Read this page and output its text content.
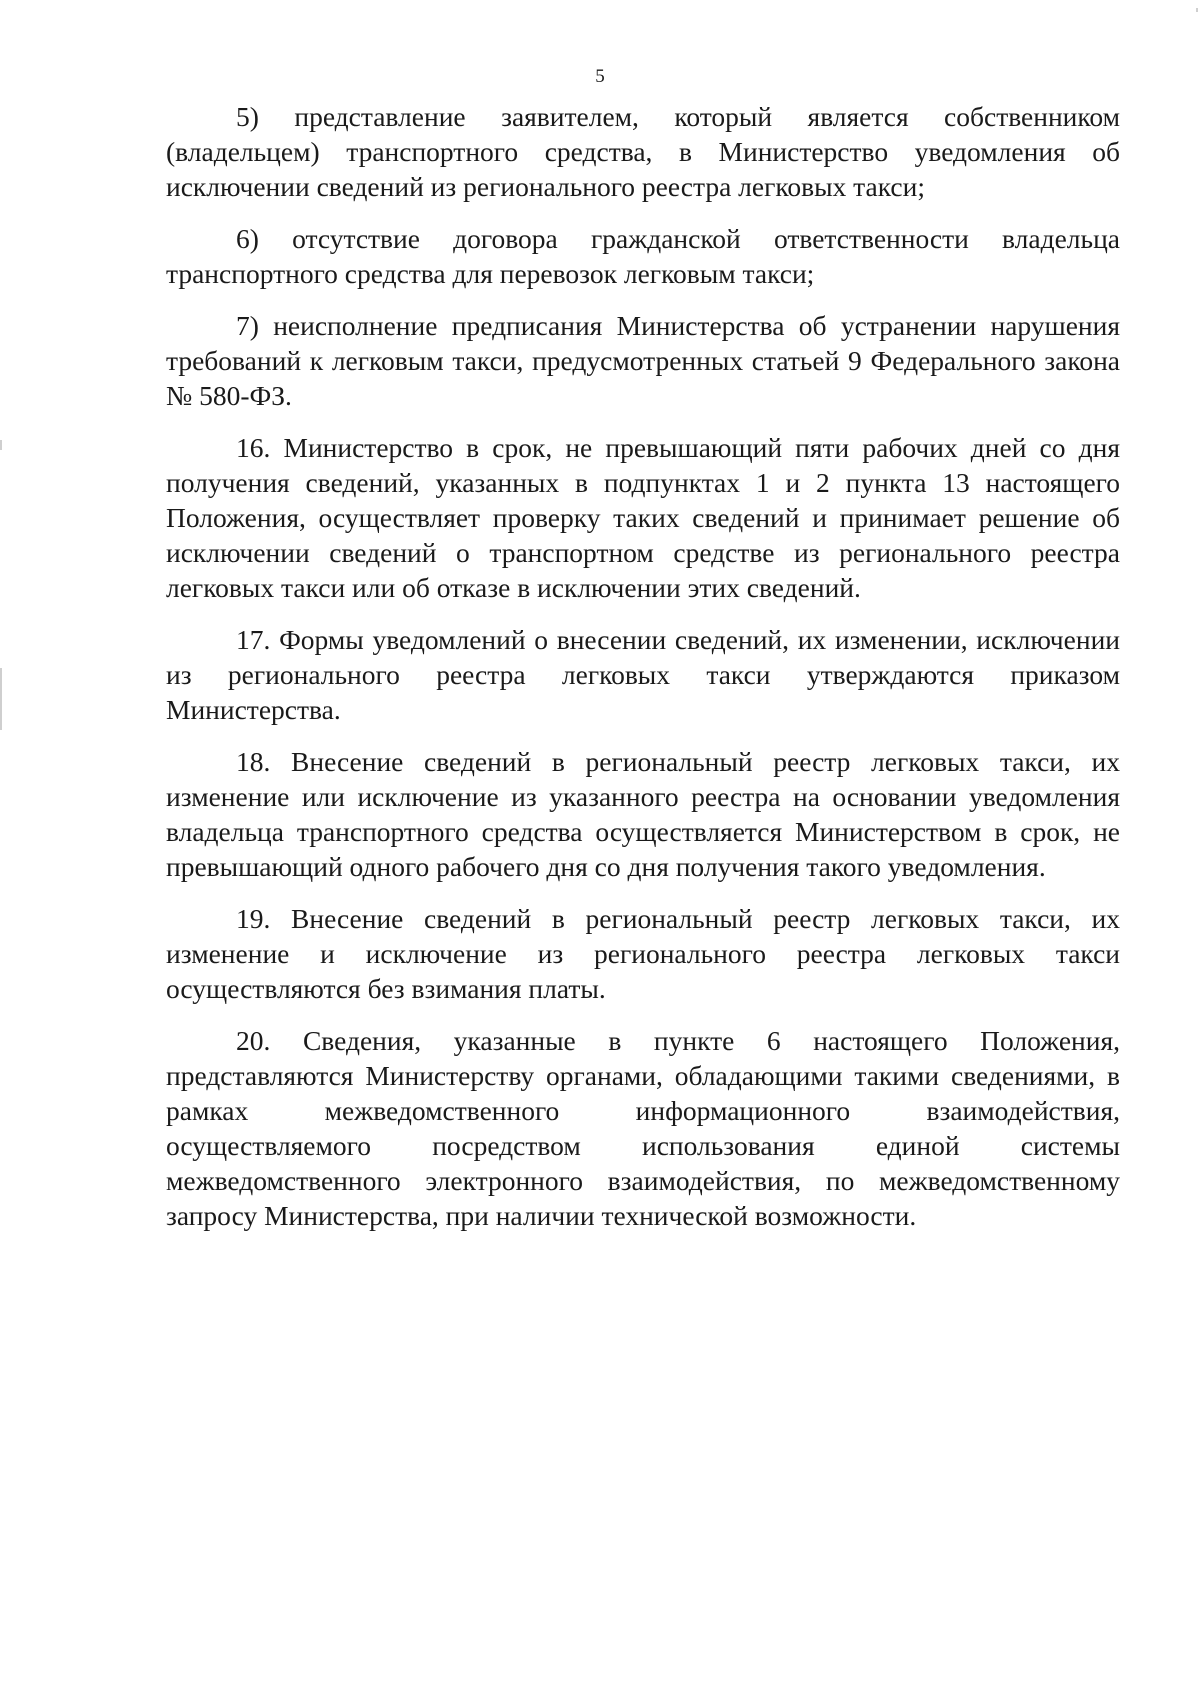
5

5) представление заявителем, который является собственником (владельцем) транспортного средства, в Министерство уведомления об исключении сведений из регионального реестра легковых такси;

6) отсутствие договора гражданской ответственности владельца транспортного средства для перевозок легковым такси;

7) неисполнение предписания Министерства об устранении нарушения требований к легковым такси, предусмотренных статьей 9 Федерального закона № 580-ФЗ.

16. Министерство в срок, не превышающий пяти рабочих дней со дня получения сведений, указанных в подпунктах 1 и 2 пункта 13 настоящего Положения, осуществляет проверку таких сведений и принимает решение об исключении сведений о транспортном средстве из регионального реестра легковых такси или об отказе в исключении этих сведений.

17. Формы уведомлений о внесении сведений, их изменении, исключении из регионального реестра легковых такси утверждаются приказом Министерства.

18. Внесение сведений в региональный реестр легковых такси, их изменение или исключение из указанного реестра на основании уведомления владельца транспортного средства осуществляется Министерством в срок, не превышающий одного рабочего дня со дня получения такого уведомления.

19. Внесение сведений в региональный реестр легковых такси, их изменение и исключение из регионального реестра легковых такси осуществляются без взимания платы.

20. Сведения, указанные в пункте 6 настоящего Положения, представляются Министерству органами, обладающими такими сведениями, в рамках межведомственного информационного взаимодействия, осуществляемого посредством использования единой системы межведомственного электронного взаимодействия, по межведомственному запросу Министерства, при наличии технической возможности.
